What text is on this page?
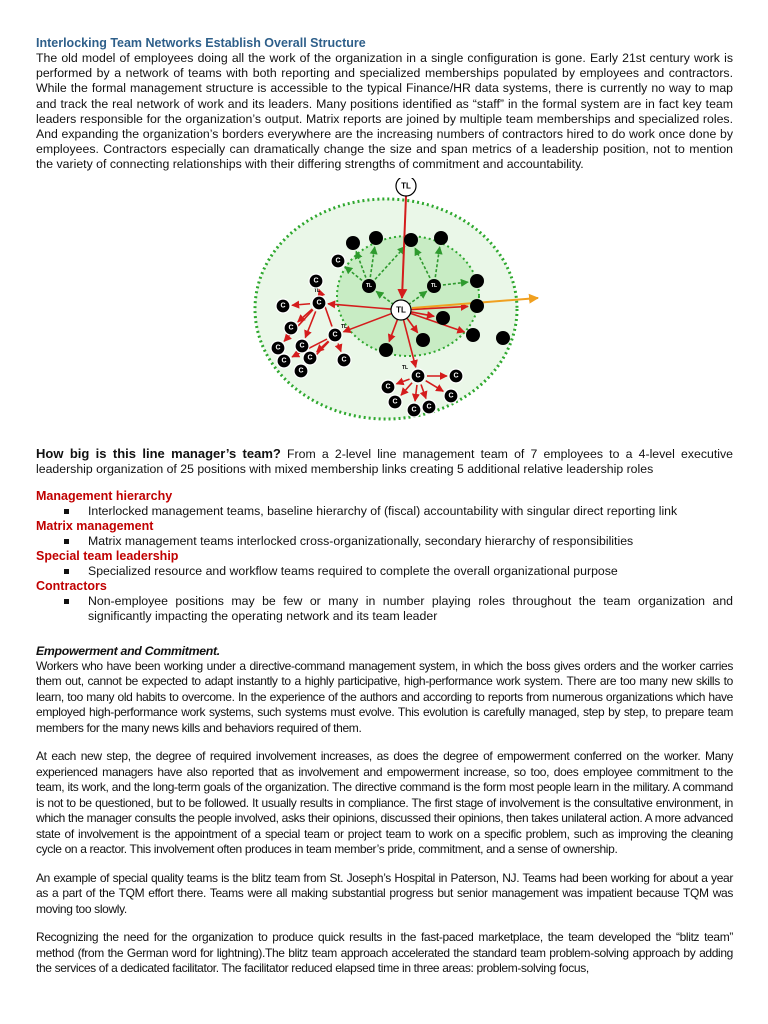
Interlocking Team Networks Establish Overall Structure

The old model of employees doing all the work of the organization in a single configuration is gone. Early 21st century work is performed by a network of teams with both reporting and specialized memberships populated by employees and contractors. While the formal management structure is accessible to the typical Finance/HR data systems, there is currently no way to map and track the real network of work and its leaders. Many positions identified as “staff” in the formal system are in fact key team leaders responsible for the organization’s output. Matrix reports are joined by multiple team memberships and specialized roles. And expanding the organization’s borders everywhere are the increasing numbers of contractors hired to do work once done by employees. Contractors especially can dramatically change the size and span metrics of a leadership position, not to mention the variety of connecting relationships with their differing strengths of commitment and accountability.

TL
TL
TL	TL
TL
TL
TL
C
C
C
C
C
C
C
C
C
C
C
C
C
C C
C
C
C
C

How big is this line manager’s team? From a 2-level line management team of 7 employees to a 4-level executive leadership organization of 25 positions with mixed membership links creating 5 additional relative leadership roles

Management hierarchy
Interlocked management teams, baseline hierarchy of (fiscal) accountability with singular direct reporting link
Matrix management
Matrix management teams interlocked cross-organizationally, secondary hierarchy of responsibilities
Special team leadership
Specialized resource and workflow teams required to complete the overall organizational purpose
Contractors
Non-employee positions may be few or many in number playing roles throughout the team organization and significantly impacting the operating network and its team leader
Empowerment and Commitment.

Workers who have been working under a directive-command management system, in which the boss gives orders and the worker carries them out, cannot be expected to adapt instantly to a highly participative, high-performance work system. There are too many new skills to learn, too many old habits to overcome. In the experience of the authors and according to reports from numerous organizations which have employed high-performance work systems, such systems must evolve. This evolution is carefully managed, step by step, to prepare team members for the many news kills and behaviors required of them.

At each new step, the degree of required involvement increases, as does the degree of empowerment conferred on the worker. Many experienced managers have also reported that as involvement and empowerment increase, so too, does employee commitment to the team, its work, and the long-term goals of the organization. The directive command is the form most people learn in the military. A command is not to be questioned, but to be followed. It usually results in compliance. The first stage of involvement is the consultative environment, in which the manager consults the people involved, asks their opinions, discussed their opinions, then takes unilateral action. A more advanced state of involvement is the appointment of a special team or project team to work on a specific problem, such as improving the cleaning cycle on a reactor. This involvement often produces in team member’s pride, commitment, and a sense of ownership.

An example of special quality teams is the blitz team from St. Joseph’s Hospital in Paterson, NJ. Teams had been working for about a year as a part of the TQM effort there. Teams were all making substantial progress but senior management was impatient because TQM was moving too slowly.

Recognizing the need for the organization to produce quick results in the fast-paced marketplace, the team developed the “blitz team” method (from the German word for lightning).The blitz team approach accelerated the standard team problem-solving approach by adding the services of a dedicated facilitator. The facilitator reduced elapsed time in three areas: problem-solving focus,
